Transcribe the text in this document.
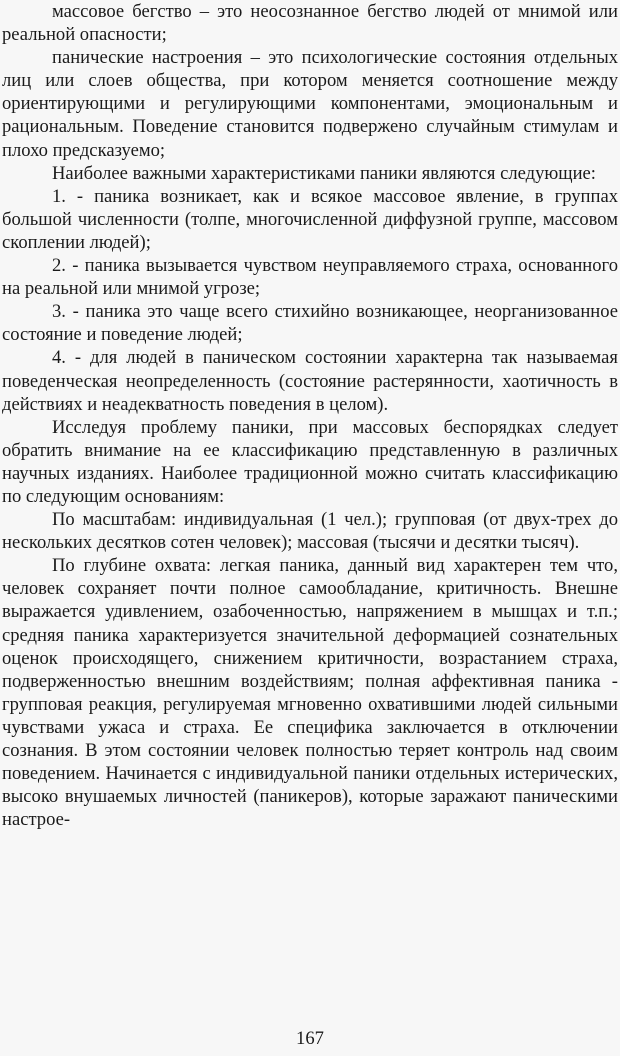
массовое бегство – это неосознанное бегство людей от мнимой или реальной опасности;

панические настроения – это психологические состояния отдельных лиц или слоев общества, при котором меняется соотношение между ориентирующими и регулирующими компонентами, эмоциональным и рациональным. Поведение становится подвержено случайным стимулам и плохо предсказуемо;

Наиболее важными характеристиками паники являются следующие:

1. - паника возникает, как и всякое массовое явление, в группах большой численности (толпе, многочисленной диффузной группе, массовом скоплении людей);

2. - паника вызывается чувством неуправляемого страха, основанного на реальной или мнимой угрозе;

3. - паника это чаще всего стихийно возникающее, неорганизованное состояние и поведение людей;

4. - для людей в паническом состоянии характерна так называемая поведенческая неопределенность (состояние растерянности, хаотичность в действиях и неадекватность поведения в целом).

Исследуя проблему паники, при массовых беспорядках следует обратить внимание на ее классификацию представленную в различных научных изданиях. Наиболее традиционной можно считать классификацию по следующим основаниям:

По масштабам: индивидуальная (1 чел.); групповая (от двух-трех до нескольких десятков сотен человек); массовая (тысячи и десятки тысяч).

По глубине охвата: легкая паника, данный вид характерен тем что, человек сохраняет почти полное самообладание, критичность. Внешне выражается удивлением, озабоченностью, напряжением в мышцах и т.п.; средняя паника характеризуется значительной деформацией сознательных оценок происходящего, снижением критичности, возрастанием страха, подверженностью внешним воздействиям; полная аффективная паника - групповая реакция, регулируемая мгновенно охватившими людей сильными чувствами ужаса и страха. Ее специфика заключается в отключении сознания. В этом состоянии человек полностью теряет контроль над своим поведением. Начинается с индивидуальной паники отдельных истерических, высоко внушаемых личностей (паникеров), которые заражают паническими настрое-

167
